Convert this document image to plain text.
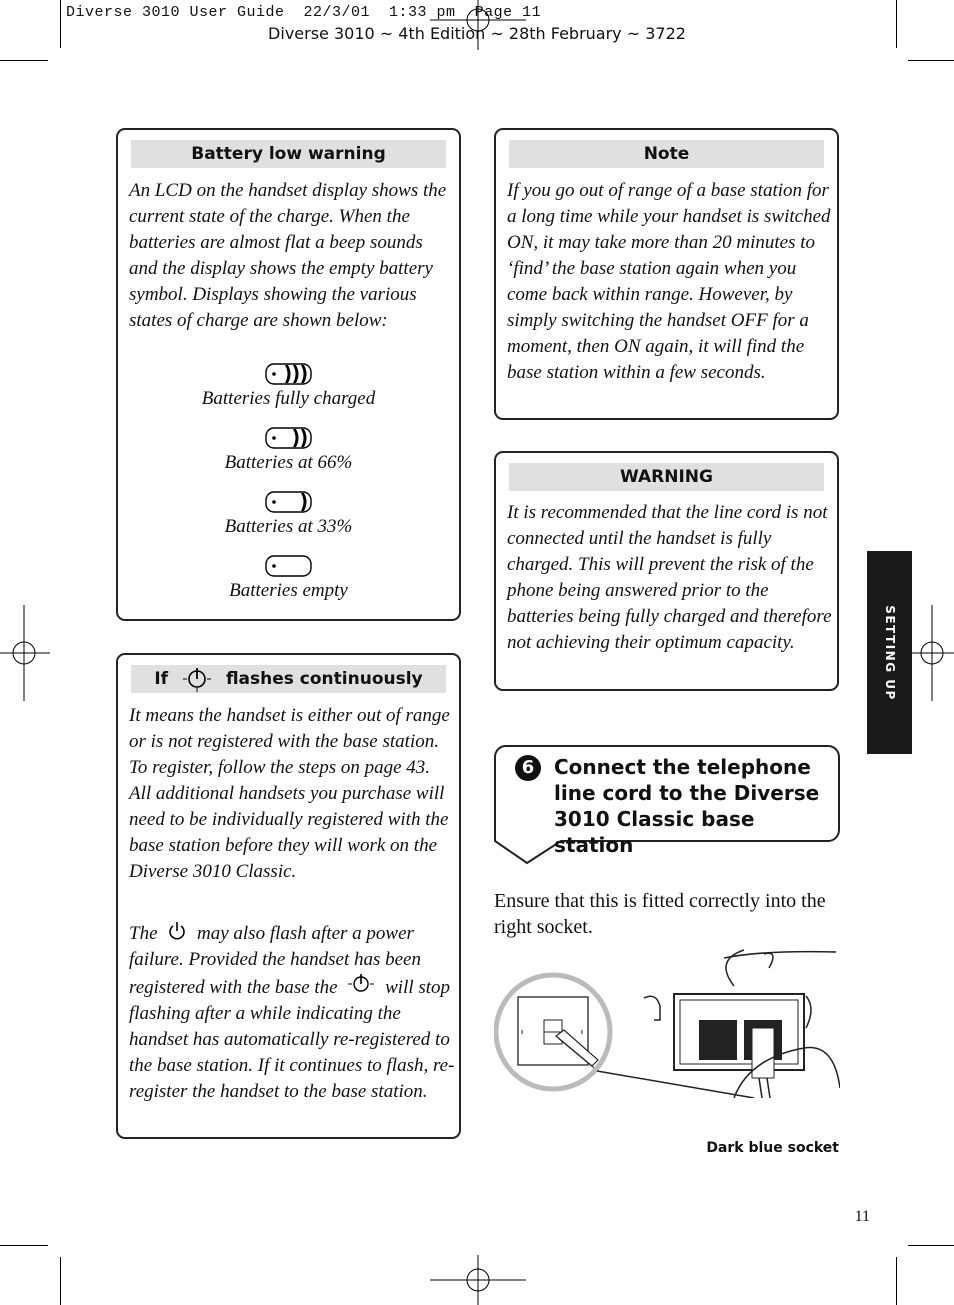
Diverse 3010 User Guide  22/3/01  1:33 pm  Page 11
Diverse 3010 ~ 4th Edition ~ 28th February ~ 3722
Battery low warning
An LCD on the handset display shows the current state of the charge. When the batteries are almost flat a beep sounds and the display shows the empty battery symbol. Displays showing the various states of charge are shown below:
Batteries fully charged
Batteries at 66%
Batteries at 33%
Batteries empty
If	flashes continuously
It means the handset is either out of range or is not registered with the base station. To register, follow the steps on page 43. All additional handsets you purchase will need to be individually registered with the base station before they will work on the Diverse 3010 Classic.
The may also flash after a power failure. Provided the handset has been registered with the base the	will stop flashing after a while indicating the handset has automatically re-registered to the base station. If it continues to flash, re-register the handset to the base station.
Note
If you go out of range of a base station for a long time while your handset is switched ON, it may take more than 20 minutes to ‘find’ the base station again when you come back within range. However, by simply switching the handset OFF for a moment, then ON again, it will find the base station within a few seconds.
WARNING
It is recommended that the line cord is not connected until the handset is fully charged. This will prevent the risk of the phone being answered prior to the batteries being fully charged and therefore not achieving their optimum capacity.	SETTING UP
6 Connect the telephone line cord to the Diverse 3010 Classic base station
Ensure that this is fitted correctly into the right socket.
Dark blue socket
11
